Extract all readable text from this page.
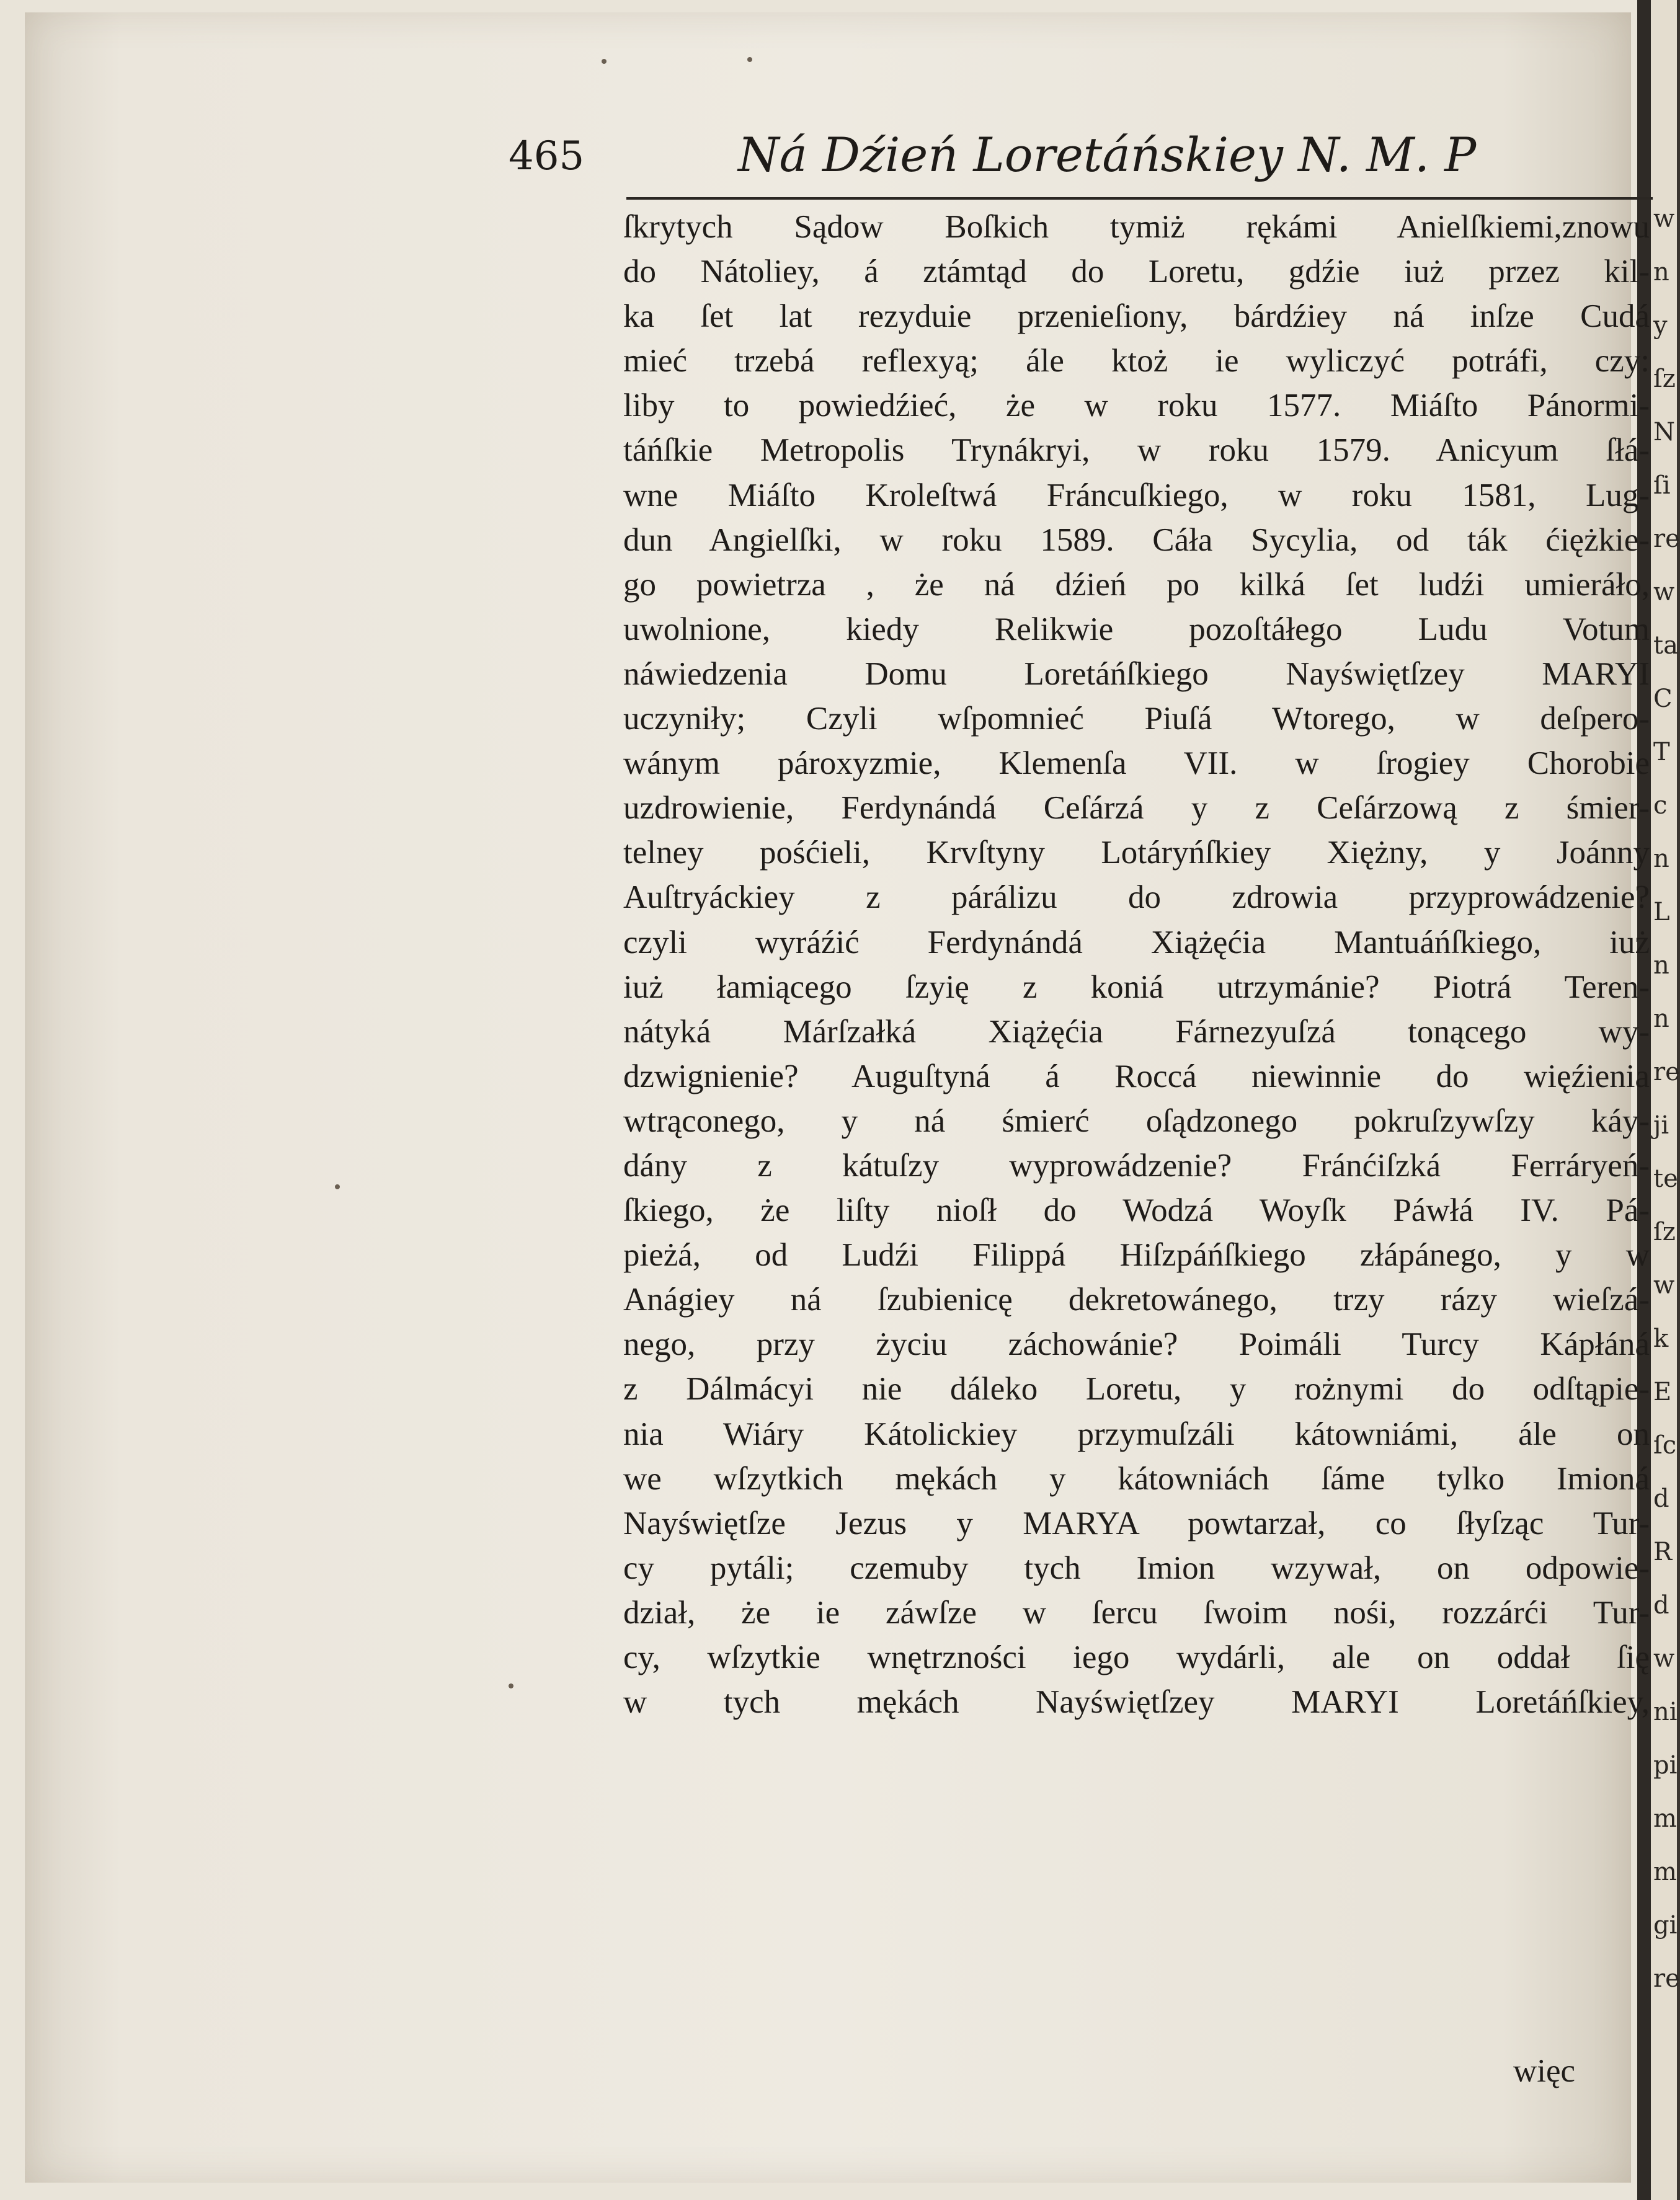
465	Ná Dźień Loretáńskiey N. M. P
ſkrytych Sądow Boſkich tymiż rękámi Anielſkiemi,znowu
do Nátoliey, á ztámtąd do Loretu, gdźie iuż przez kil-
ka ſet lat rezyduie przenieſiony, bárdźiey ná inſze Cudá
mieć trzebá reflexyą; ále ktoż ie wyliczyć potráfi, czy:
liby to powiedźieć, że w roku 1577. Miáſto Pánormi-
táńſkie Metropolis Trynákryi, w roku 1579. Anicyum ſłá-
wne Miáſto Kroleſtwá Fráncuſkiego, w roku 1581, Lug-
dun Angielſki, w roku 1589. Cáła Sycylia, od ták ćiężkie-
go powietrza , że ná dźień po kilká ſet ludźi umieráło,
uwolnione, kiedy Relikwie pozoſtáłego Ludu Votum
náwiedzenia Domu Loretáńſkiego Nayświętſzey MARYI
uczyniły; Czyli wſpomnieć Piuſá Wtorego, w deſpero-
wánym pároxyzmie, Klemenſa VII. w ſrogiey Chorobie
uzdrowienie, Ferdynándá Ceſárzá y z Ceſárzową z śmier-
telney pośćieli, Krvſtyny Lotáryńſkiey Xiężny, y Joánny
Auſtryáckiey z párálizu do zdrowia przyprowádzenie?
czyli wyráźić Ferdynándá Xiążęćia Mantuáńſkiego, iuż
iuż łamiącego ſzyię z koniá utrzymánie? Piotrá Teren-
nátyká Márſzałká Xiążęćia Fárnezyuſzá tonącego wy-
dzwignienie? Auguſtyná á Roccá niewinnie do więźienia
wtrąconego, y ná śmierć oſądzonego pokruſzywſzy káy-
dány z kátuſzy wyprowádzenie? Fránćiſzká Ferráryeń-
ſkiego, że liſty nioſł do Wodzá Woyſk Páwłá IV. Pá-
pieżá, od Ludźi Filippá Hiſzpáńſkiego złápánego, y w
Anágiey ná ſzubienicę dekretowánego, trzy rázy wieſzá-
nego, przy życiu záchowánie? Poimáli Turcy Kápłáná
z Dálmácyi nie dáleko Loretu, y rożnymi do odſtąpie-
nia Wiáry Kátolickiey przymuſzáli kátowniámi, ále on
we wſzytkich mękách y kátowniách ſáme tylko Imioná
Nayświętſze Jezus y MARYA powtarzał, co ſłyſząc Tur-
cy pytáli; czemuby tych Imion wzywał, on odpowie-
dział, że ie záwſze w ſercu ſwoim nośi, rozzárći Tur-
cy, wſzytkie wnętrzności iego wydárli, ale on oddał ſię
w tych mękách Nayświętſzey MARYI Loretáńſkiey,
więc
w
n
y
ſz
N
ſi
re
w
ta
C
T
c
n
L
n
n
re
ji
te
ſz
w
k
E
ſc
d
R
d
w
ni
pi
m
m
gi
re
